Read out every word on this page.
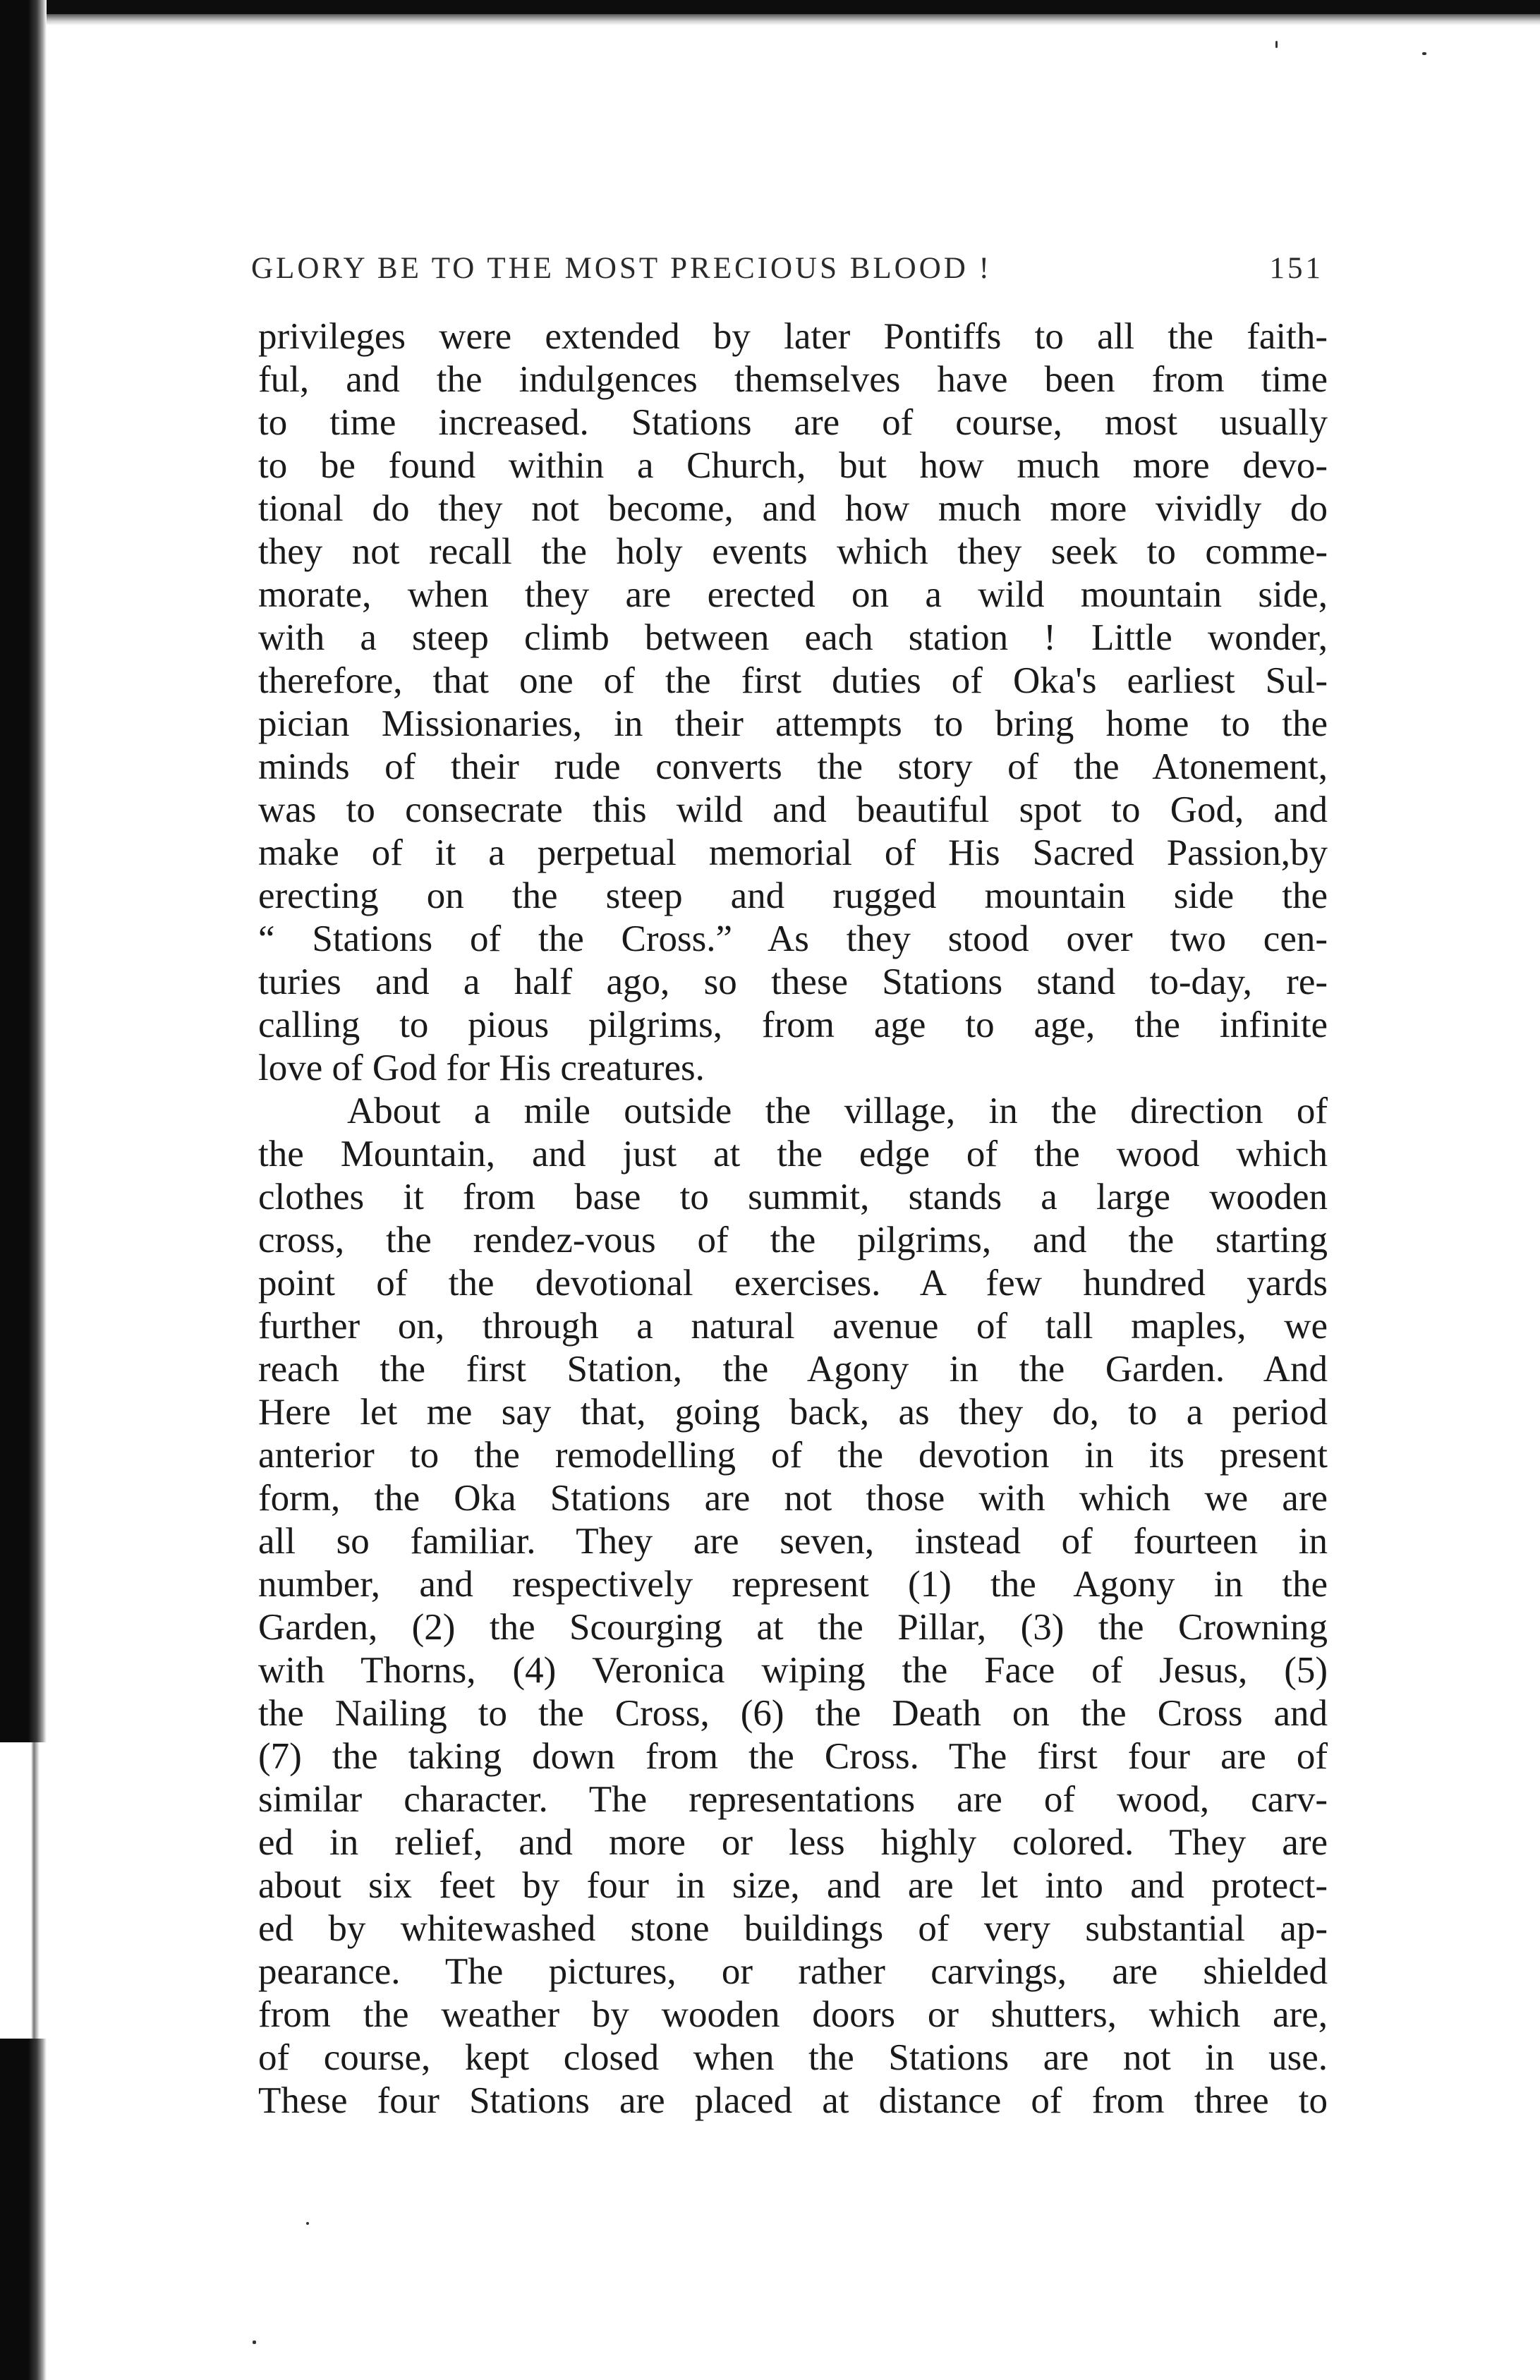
GLORY BE TO THE MOST PRECIOUS BLOOD !	151
privileges were extended by later Pontiffs to all the faith-
ful, and the indulgences themselves have been from time
to time increased. Stations are of course, most usually
to be found within a Church, but how much more devo-
tional do they not become, and how much more vividly do
they not recall the holy events which they seek to comme-
morate, when they are erected on a wild mountain side,
with a steep climb between each station ! Little wonder,
therefore, that one of the first duties of Oka's earliest Sul-
pician Missionaries, in their attempts to bring home to the
minds of their rude converts the story of the Atonement,
was to consecrate this wild and beautiful spot to God, and
make of it a perpetual memorial of His Sacred Passion,by
erecting on the steep and rugged mountain side the
“ Stations of the Cross.” As they stood over two cen-
turies and a half ago, so these Stations stand to-day, re-
calling to pious pilgrims, from age to age, the infinite
love of God for His creatures.
About a mile outside the village, in the direction of
the Mountain, and just at the edge of the wood which
clothes it from base to summit, stands a large wooden
cross, the rendez-vous of the pilgrims, and the starting
point of the devotional exercises. A few hundred yards
further on, through a natural avenue of tall maples, we
reach the first Station, the Agony in the Garden. And
Here let me say that, going back, as they do, to a period
anterior to the remodelling of the devotion in its present
form, the Oka Stations are not those with which we are
all so familiar. They are seven, instead of fourteen in
number, and respectively represent (1) the Agony in the
Garden, (2) the Scourging at the Pillar, (3) the Crowning
with Thorns, (4) Veronica wiping the Face of Jesus, (5)
the Nailing to the Cross, (6) the Death on the Cross and
(7) the taking down from the Cross. The first four are of
similar character. The representations are of wood, carv-
ed in relief, and more or less highly colored. They are
about six feet by four in size, and are let into and protect-
ed by whitewashed stone buildings of very substantial ap-
pearance. The pictures, or rather carvings, are shielded
from the weather by wooden doors or shutters, which are,
of course, kept closed when the Stations are not in use.
These four Stations are placed at distance of from three to
